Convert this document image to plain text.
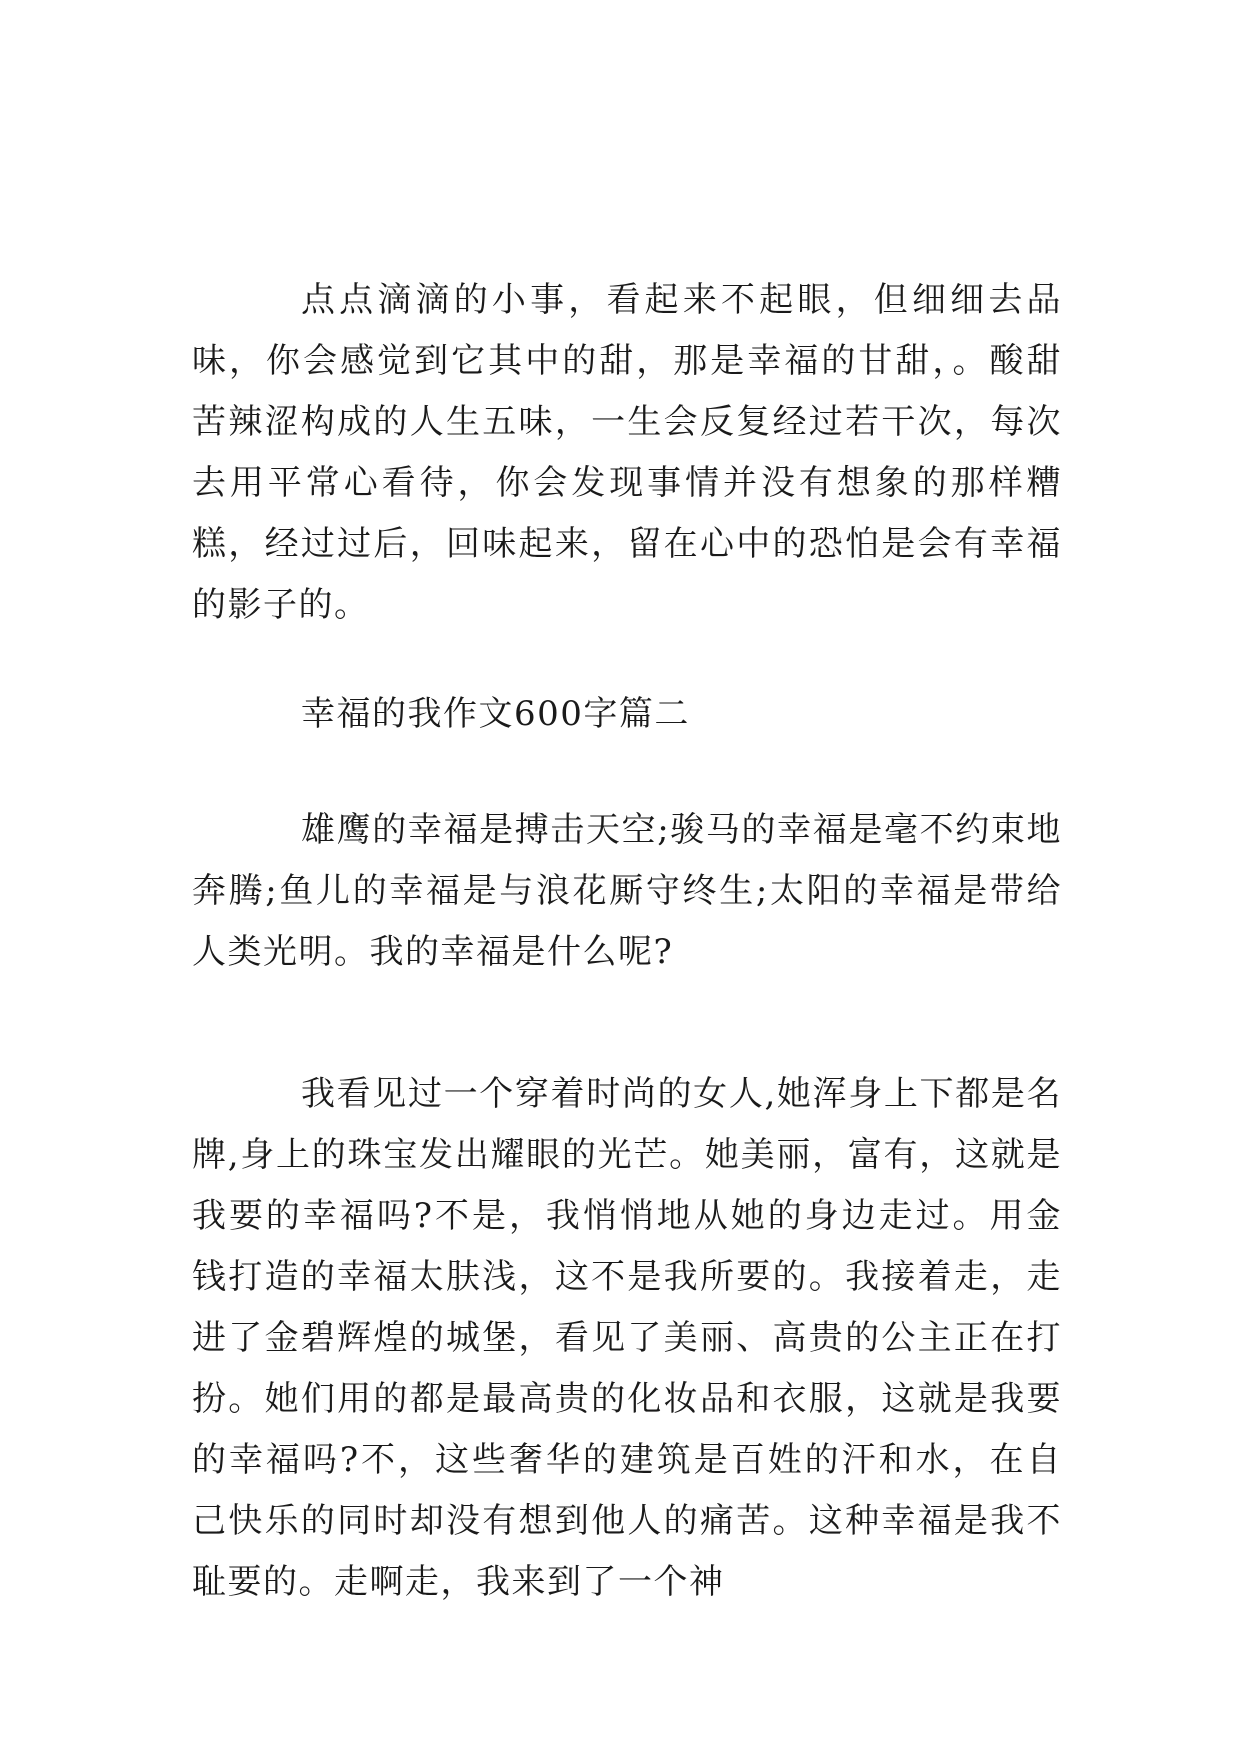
点点滴滴的小事，看起来不起眼，但细细去品味，你会感觉到它其中的甜，那是幸福的甘甜，。酸甜苦辣涩构成的人生五味，一生会反复经过若干次，每次去用平常心看待，你会发现事情并没有想象的那样糟糕，经过过后，回味起来，留在心中的恐怕是会有幸福的影子的。

幸福的我作文600字篇二

雄鹰的幸福是搏击天空;骏马的幸福是毫不约束地奔腾;鱼儿的幸福是与浪花厮守终生;太阳的幸福是带给人类光明。我的幸福是什么呢?

我看见过一个穿着时尚的女人,她浑身上下都是名牌,身上的珠宝发出耀眼的光芒。她美丽，富有，这就是我要的幸福吗?不是，我悄悄地从她的身边走过。用金钱打造的幸福太肤浅，这不是我所要的。我接着走，走进了金碧辉煌的城堡，看见了美丽、高贵的公主正在打扮。她们用的都是最高贵的化妆品和衣服，这就是我要的幸福吗?不，这些奢华的建筑是百姓的汗和水，在自己快乐的同时却没有想到他人的痛苦。这种幸福是我不耻要的。走啊走，我来到了一个神
